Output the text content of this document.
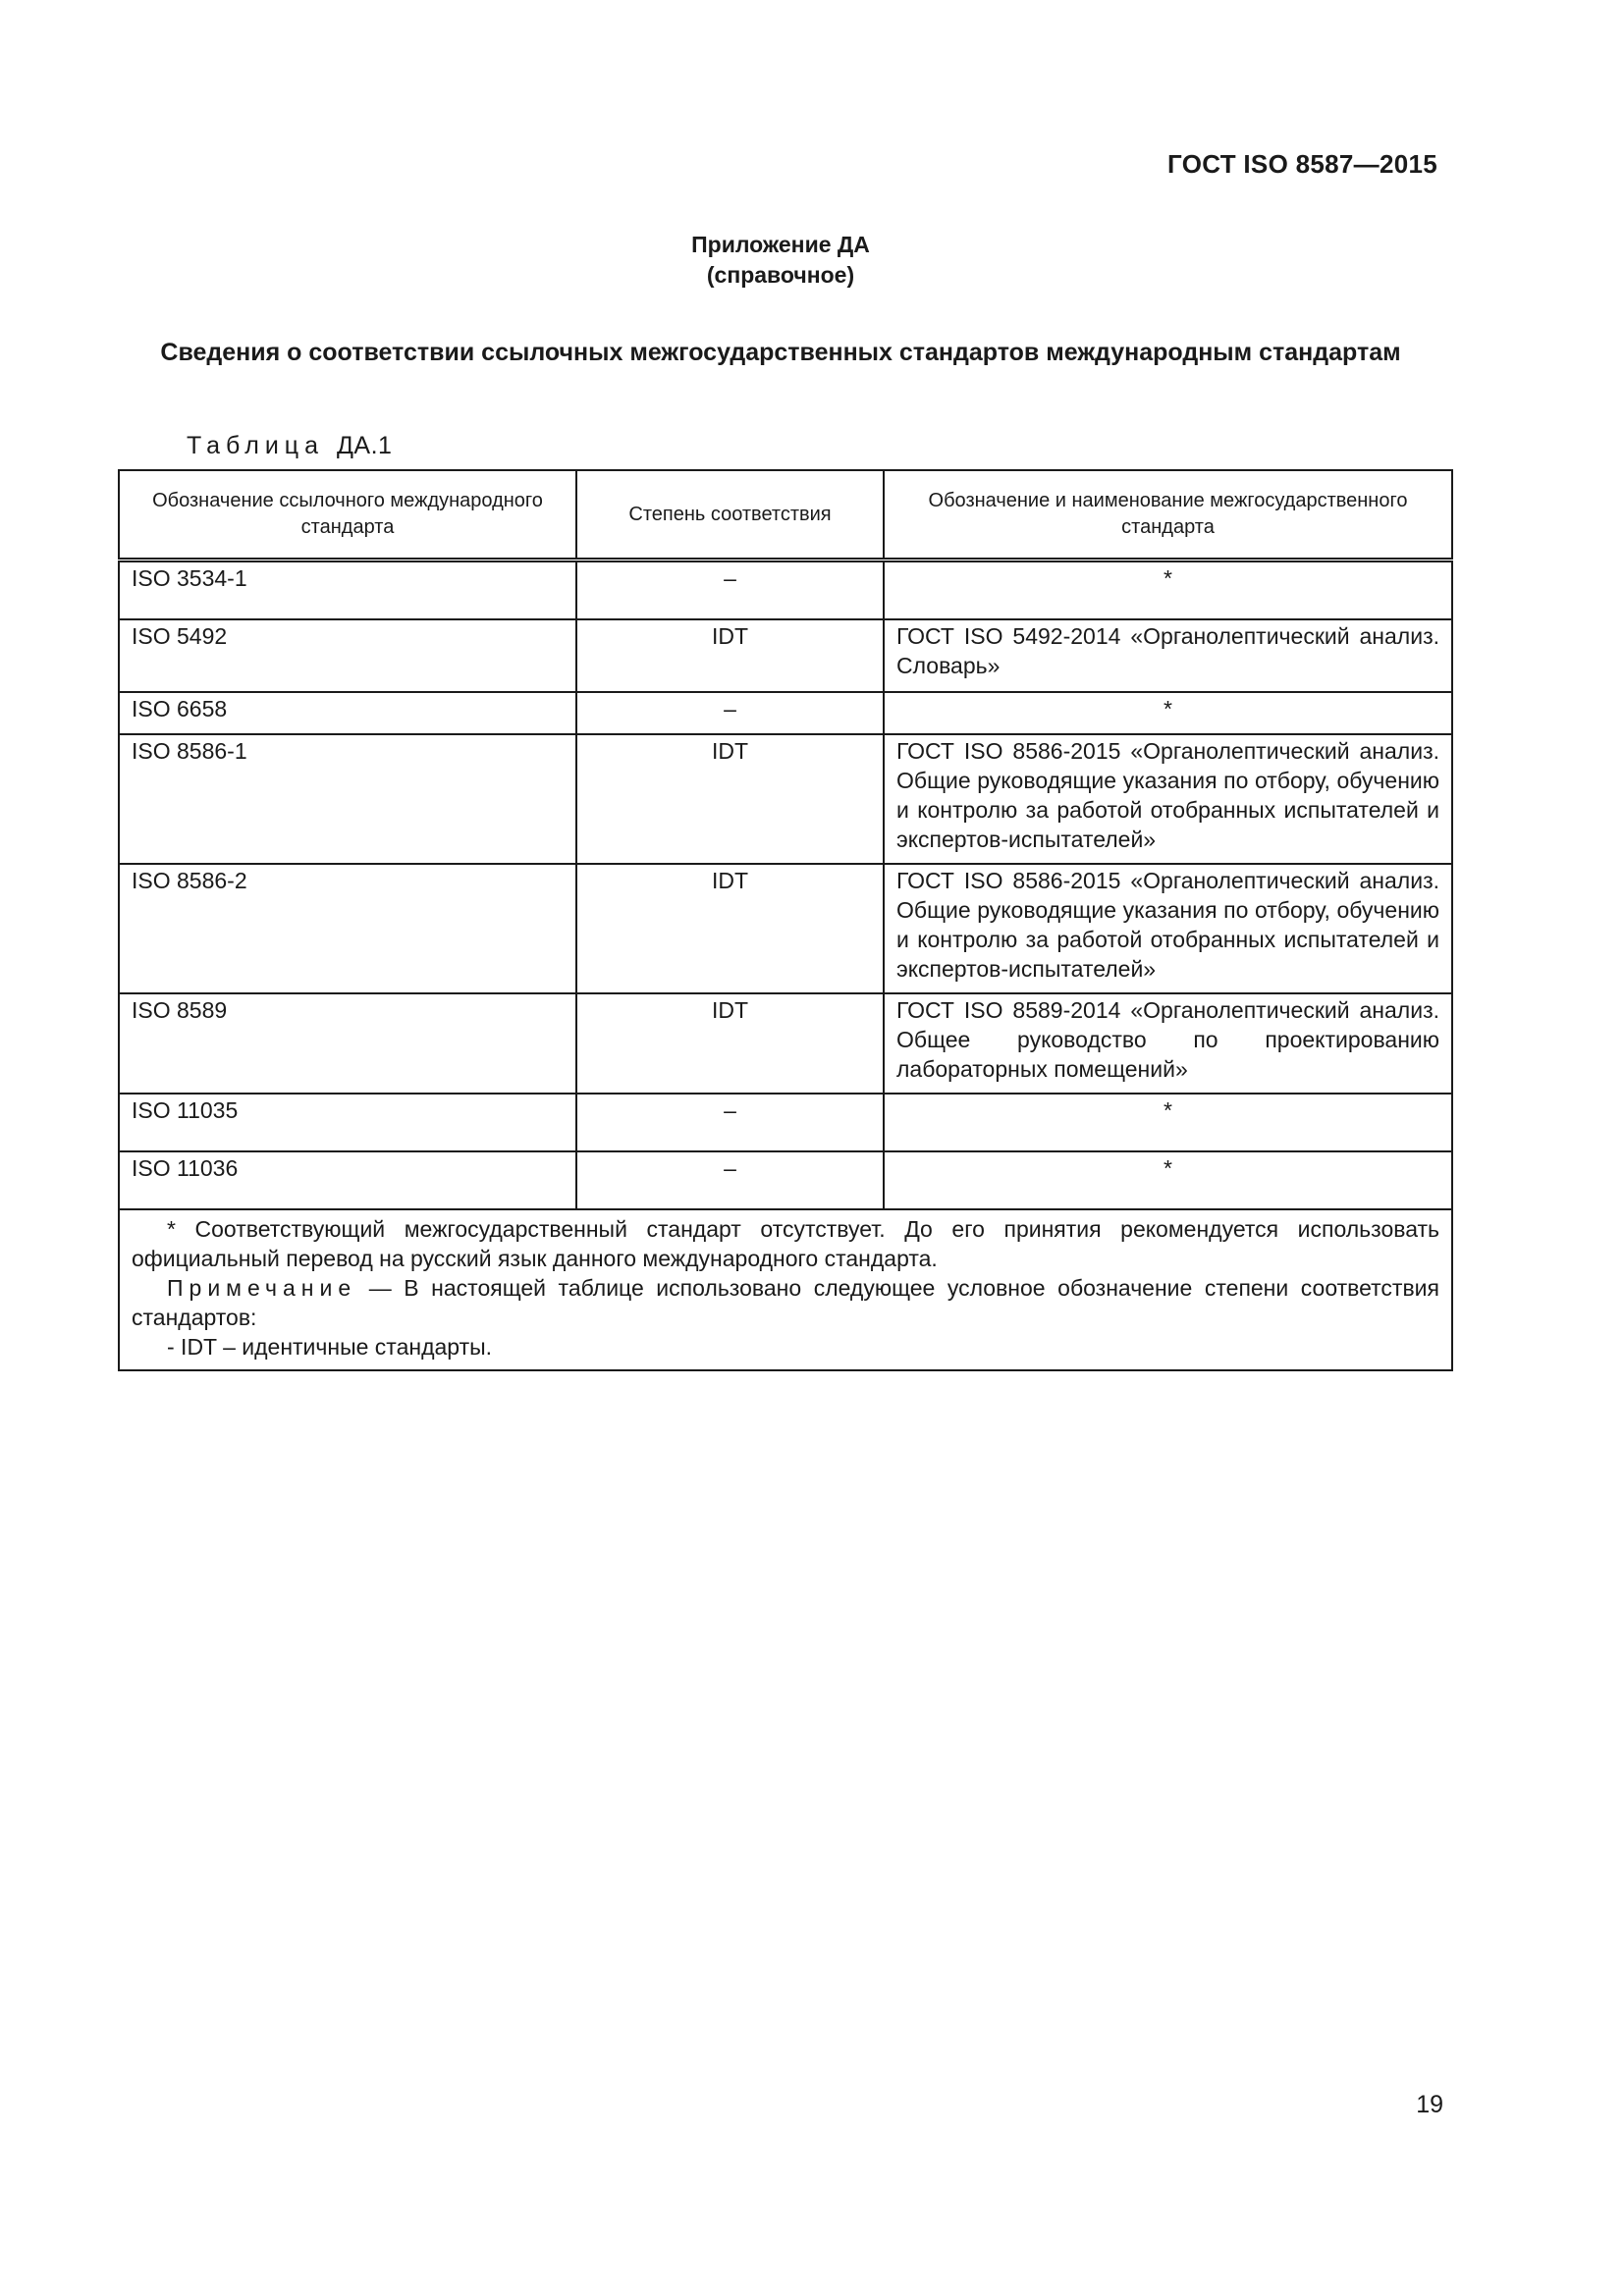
ГОСТ ISO 8587—2015
Приложение ДА
(справочное)
Сведения о соответствии ссылочных межгосударственных стандартов международным стандартам
Таблица ДА.1
Обозначение ссылочного международного стандарта	Степень соответствия	Обозначение и наименование межгосударственного стандарта
ISO 3534-1	–	*
ISO 5492	IDT	ГОСТ ISO 5492-2014 «Органолептический анализ. Словарь»
ISO 6658	–	*
ISO 8586-1	IDT	ГОСТ ISO 8586-2015 «Органолептический анализ. Общие руководящие указания по отбору, обучению и контролю за работой отобранных испытателей и экспертов-испытателей»
ISO 8586-2	IDT	ГОСТ ISO 8586-2015 «Органолептический анализ. Общие руководящие указания по отбору, обучению и контролю за работой отобранных испытателей и экспертов-испытателей»
ISO 8589	IDT	ГОСТ ISO 8589-2014 «Органолептический анализ. Общее руководство по проектированию лабораторных помещений»
ISO 11035	–	*
ISO 11036	–	*

* Соответствующий межгосударственный стандарт отсутствует. До его принятия рекомендуется использовать официальный перевод на русский язык данного международного стандарта.
Примечание — В настоящей таблице использовано следующее условное обозначение степени соответствия стандартов:
- IDT – идентичные стандарты.		
19
